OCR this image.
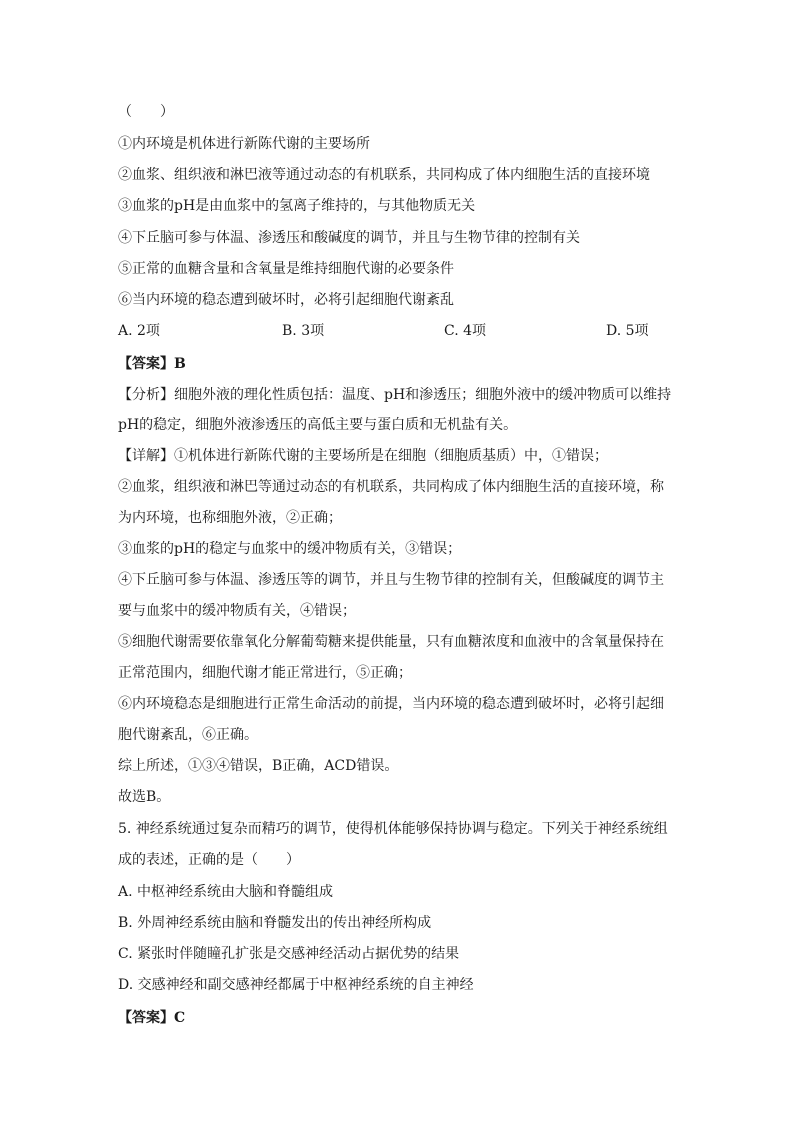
（　　）
①内环境是机体进行新陈代谢的主要场所
②血浆、组织液和淋巴液等通过动态的有机联系，共同构成了体内细胞生活的直接环境
③血浆的pH是由血浆中的氢离子维持的，与其他物质无关
④下丘脑可参与体温、渗透压和酸碱度的调节，并且与生物节律的控制有关
⑤正常的血糖含量和含氧量是维持细胞代谢的必要条件
⑥当内环境的稳态遭到破坏时，必将引起细胞代谢紊乱
A. 2项	B. 3项	C. 4项	D. 5项
【答案】B
【分析】细胞外液的理化性质包括：温度、pH和渗透压；细胞外液中的缓冲物质可以维持
pH的稳定，细胞外液渗透压的高低主要与蛋白质和无机盐有关。
【详解】①机体进行新陈代谢的主要场所是在细胞（细胞质基质）中，①错误；
②血浆，组织液和淋巴等通过动态的有机联系，共同构成了体内细胞生活的直接环境，称
为内环境，也称细胞外液，②正确；
③血浆的pH的稳定与血浆中的缓冲物质有关，③错误；
④下丘脑可参与体温、渗透压等的调节，并且与生物节律的控制有关，但酸碱度的调节主
要与血浆中的缓冲物质有关，④错误；
⑤细胞代谢需要依靠氧化分解葡萄糖来提供能量，只有血糖浓度和血液中的含氧量保持在
正常范围内，细胞代谢才能正常进行，⑤正确；
⑥内环境稳态是细胞进行正常生命活动的前提，当内环境的稳态遭到破坏时，必将引起细
胞代谢紊乱，⑥正确。
综上所述，①③④错误，B正确，ACD错误。
故选B。
5. 神经系统通过复杂而精巧的调节，使得机体能够保持协调与稳定。下列关于神经系统组
成的表述，正确的是（　　）
A. 中枢神经系统由大脑和脊髓组成
B. 外周神经系统由脑和脊髓发出的传出神经所构成
C. 紧张时伴随瞳孔扩张是交感神经活动占据优势的结果
D. 交感神经和副交感神经都属于中枢神经系统的自主神经
【答案】C
